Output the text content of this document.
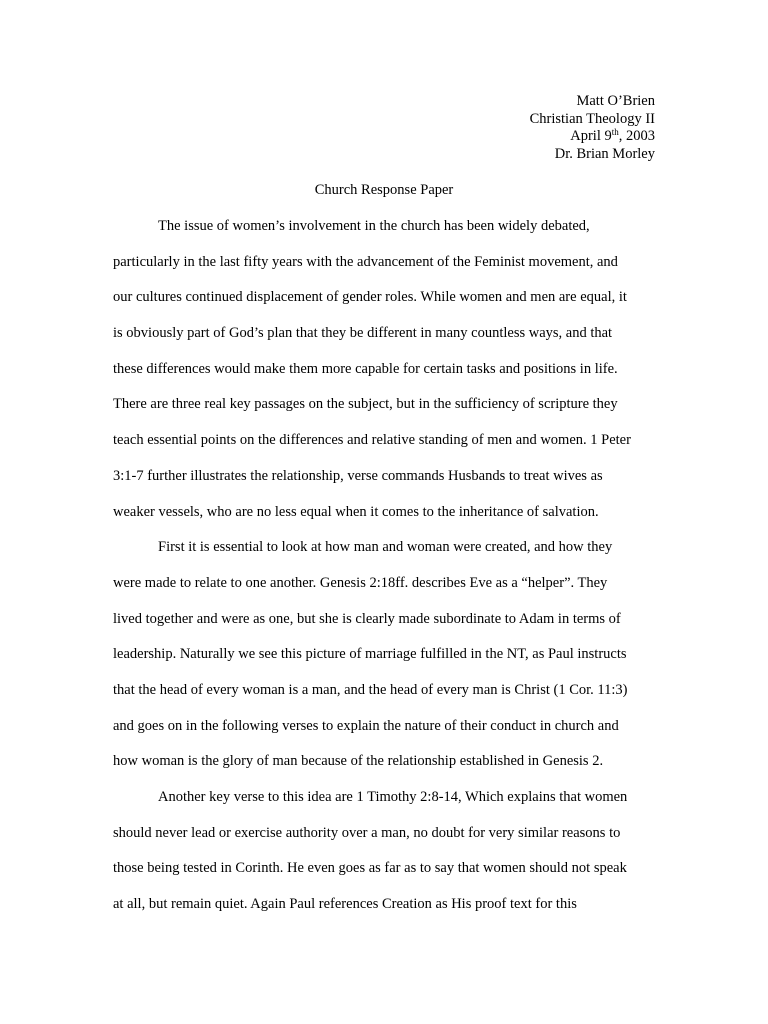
Matt O’Brien
Christian Theology II
April 9th, 2003
Dr. Brian Morley
Church Response Paper
The issue of women’s involvement in the church has been widely debated,
particularly in the last fifty years with the advancement of the Feminist movement, and
our cultures continued displacement of gender roles. While women and men are equal, it
is obviously part of God’s plan that they be different in many countless ways, and that
these differences would make them more capable for certain tasks and positions in life.
There are three real key passages on the subject, but in the sufficiency of scripture they
teach essential points on the differences and relative standing of men and women. 1 Peter
3:1-7 further illustrates the relationship, verse commands Husbands to treat wives as
weaker vessels, who are no less equal when it comes to the inheritance of salvation.
First it is essential to look at how man and woman were created, and how they
were made to relate to one another. Genesis 2:18ff. describes Eve as a “helper”. They
lived together and were as one, but she is clearly made subordinate to Adam in terms of
leadership. Naturally we see this picture of marriage fulfilled in the NT, as Paul instructs
that the head of every woman is a man, and the head of every man is Christ (1 Cor. 11:3)
and goes on in the following verses to explain the nature of their conduct in church and
how woman is the glory of man because of the relationship established in Genesis 2.
Another key verse to this idea are 1 Timothy 2:8-14, Which explains that women
should never lead or exercise authority over a man, no doubt for very similar reasons to
those being tested in Corinth. He even goes as far as to say that women should not speak
at all, but remain quiet. Again Paul references Creation as His proof text for this
